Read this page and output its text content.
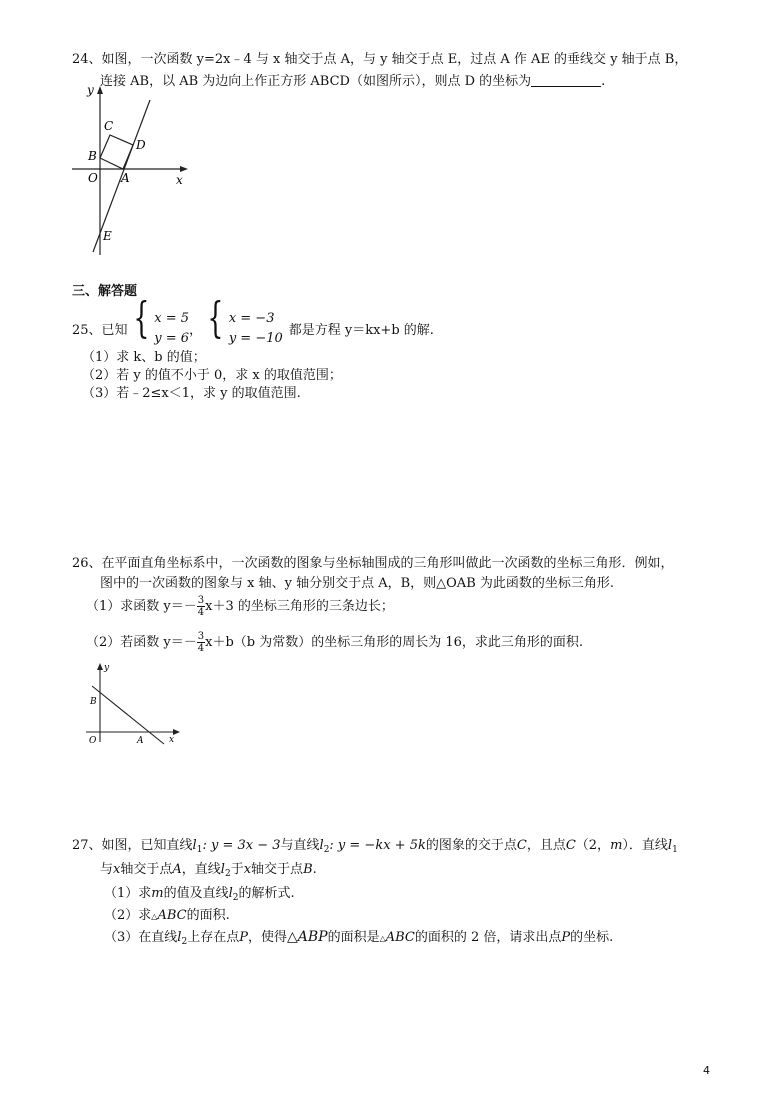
24、如图，一次函数 y=2x﹣4 与 x 轴交于点 A，与 y 轴交于点 E，过点 A 作 AE 的垂线交 y 轴于点 B，
连接 AB，以 AB 为边向上作正方形 ABCD（如图所示），则点 D 的坐标为	.
y
x
C
D
B
O A
E
三、解答题
25、已知 { x = 5
y = 6 ， { x = −3
y = −10 都是方程 y＝kx+b 的解.
（1）求 k、b 的值；
（2）若 y 的值不小于 0，求 x 的取值范围；
（3）若﹣2≤x＜1，求 y 的取值范围.
26、在平面直角坐标系中，一次函数的图象与坐标轴围成的三角形叫做此一次函数的坐标三角形．例如，
图中的一次函数的图象与 x 轴、y 轴分别交于点 A，B，则△OAB 为此函数的坐标三角形.
（1）求函数 $y=- \frac{3}{4} x+3$ 的坐标三角形的三条边长；
（2）若函数 $y=- \frac{3}{4} x+b(b$ 为常数）的坐标三角形的周长为 16，求此三角形的面积.
y
x
B
O	A
27、如图，已知直线$l_1$: y = 3x − 3与直线$l_2$: y = −kx + 5k的图象的交于点C，且点C（2，m）．直线$l_1$
与x轴交于点A，直线$l_2$于x轴交于点B.
（1）求m的值及直线$l_2$的解析式.
（2）求△ABC的面积.
（3）在直线$l_2$上存在点P，使得△ABP的面积是△ABC的面积的 2 倍，请求出点P的坐标.
4
